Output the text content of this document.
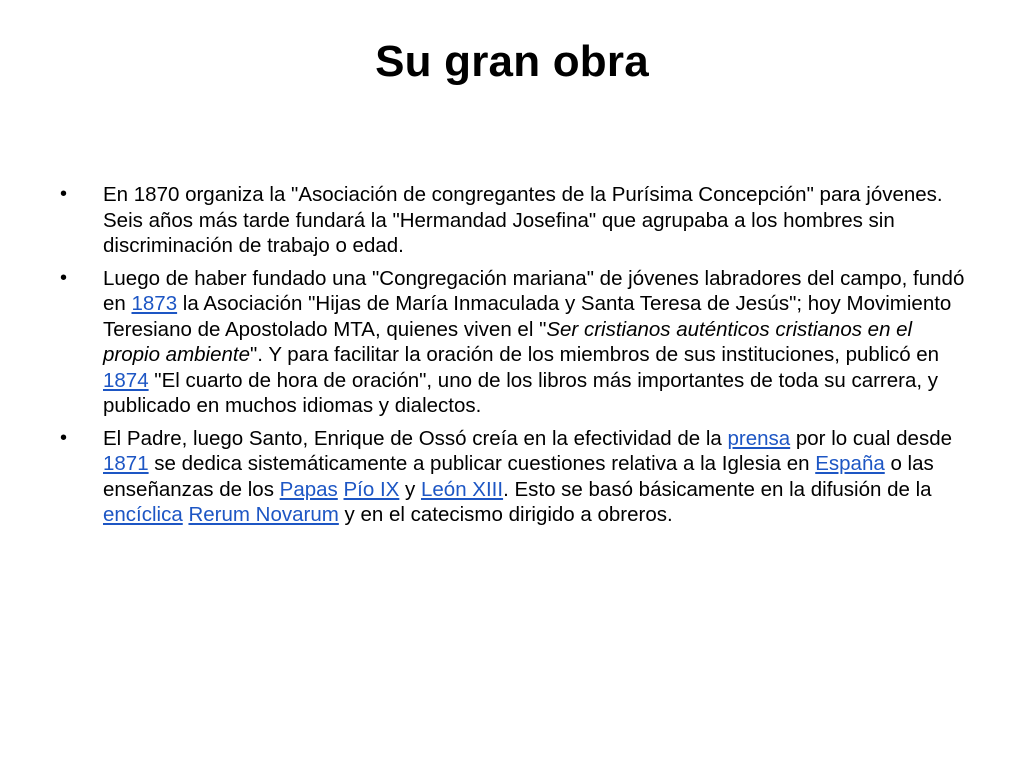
Su gran obra
•	En 1870 organiza la "Asociación de congregantes de la Purísima Concepción" para jóvenes. Seis años más tarde fundará la "Hermandad Josefina" que agrupaba a los hombres sin discriminación de trabajo o edad.
•	Luego de haber fundado una "Congregación mariana" de jóvenes labradores del campo, fundó en 1873 la Asociación "Hijas de María Inmaculada y Santa Teresa de Jesús"; hoy Movimiento Teresiano de Apostolado MTA, quienes viven el "Ser cristianos auténticos cristianos en el propio ambiente". Y para facilitar la oración de los miembros de sus instituciones, publicó en 1874 "El cuarto de hora de oración", uno de los libros más importantes de toda su carrera, y publicado en muchos idiomas y dialectos.
•	El Padre, luego Santo, Enrique de Ossó creía en la efectividad de la prensa por lo cual desde 1871 se dedica sistemáticamente a publicar cuestiones relativa a la Iglesia en España o las enseñanzas de los Papas Pío IX y León XIII. Esto se basó básicamente en la difusión de la encíclica Rerum Novarum y en el catecismo dirigido a obreros.
